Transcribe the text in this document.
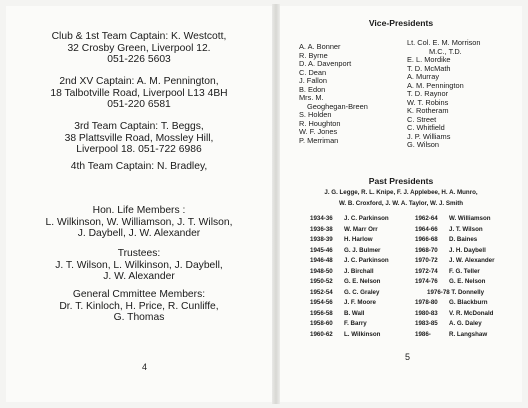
Club & 1st Team Captain: K. Westcott,
32 Crosby Green, Liverpool 12.
051-226 5603
2nd XV Captain: A. M. Pennington,
18 Talbotville Road, Liverpool L13 4BH
051-220 6581
3rd Team Captain: T. Beggs,
38 Plattsville Road, Mossley Hill,
Liverpool 18. 051-722 6986
4th Team Captain: N. Bradley,
Hon. Life Members :
L. Wilkinson, W. Williamson, J. T. Wilson,
J. Daybell, J. W. Alexander
Trustees:
J. T. Wilson, L. Wilkinson, J. Daybell,
J. W. Alexander
General Cmmittee Members:
Dr. T. Kinloch, H. Price, R. Cunliffe,
G. Thomas
4
Vice-Presidents
A. A. Bonner
R. Byrne
D. A. Davenport
C. Dean
J. Fallon
B. Edon
Mrs. M.
Geoghegan-Breen
S. Holden
R. Houghton
W. F. Jones
P. Merriman
Lt. Col. E. M. Morrison
M.C., T.D.
E. L. Mordike
T. D. McMath
A. Murray
A. M. Pennington
T. D. Raynor
W. T. Robins
K. Rotheram
C. Street
C. Whitfield
J. P. Williams
G. Wilson
Past Presidents
J. G. Legge, R. L. Knipe, F. J. Applebee, H. A. Munro,
W. B. Croxford, J. W. A. Taylor, W. J. Smith
1934-36 J. C. Parkinson
1936-38 W. Marr Orr
1938-39 H. Harlow
1945-46 G. J. Bulmer
1946-48 J. C. Parkinson
1948-50 J. Birchall
1950-52 G. E. Nelson
1952-54 G. C. Graley
1954-56 J. F. Moore
1956-58 B. Wall
1958-60 F. Barry
1960-62 L. Wilkinson
1962-64 W. Williamson
1964-66 J. T. Wilson
1966-68 D. Baines
1968-70 J. H. Daybell
1970-72 J. W. Alexander
1972-74 F. G. Teller
1974-76 G. E. Nelson
1976-78 T. Donnelly
1978-80 G. Blackburn
1980-83 V. R. McDonald
1983-85 A. G. Daley
1986-	R. Langshaw
5
